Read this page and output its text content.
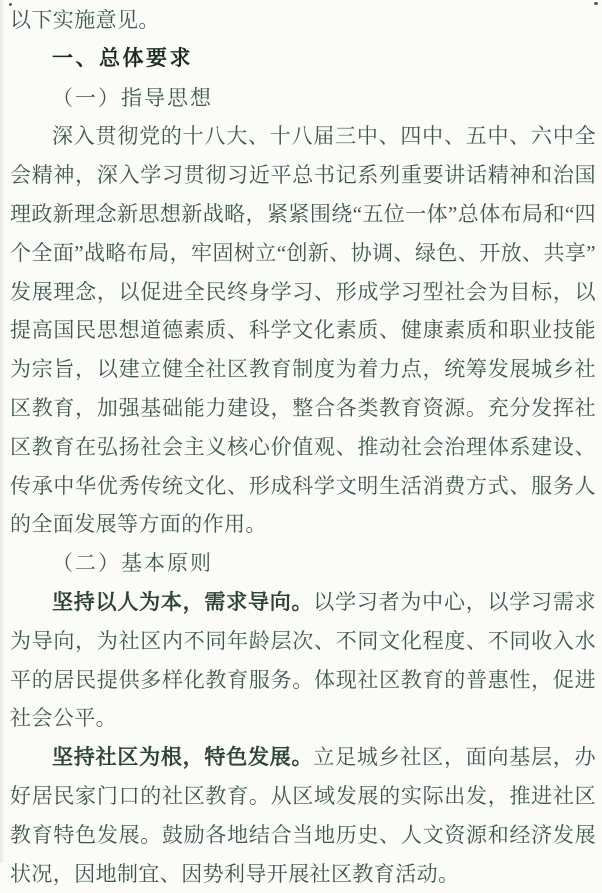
以下实施意见。

一、总体要求

（一）指导思想

深入贯彻党的十八大、十八届三中、四中、五中、六中全会精神，深入学习贯彻习近平总书记系列重要讲话精神和治国理政新理念新思想新战略，紧紧围绕“五位一体”总体布局和“四个全面”战略布局，牢固树立“创新、协调、绿色、开放、共享”发展理念，以促进全民终身学习、形成学习型社会为目标，以提高国民思想道德素质、科学文化素质、健康素质和职业技能为宗旨，以建立健全社区教育制度为着力点，统筹发展城乡社区教育，加强基础能力建设，整合各类教育资源。充分发挥社区教育在弘扬社会主义核心价值观、推动社会治理体系建设、传承中华优秀传统文化、形成科学文明生活消费方式、服务人的全面发展等方面的作用。

（二）基本原则

坚持以人为本，需求导向。以学习者为中心，以学习需求为导向，为社区内不同年龄层次、不同文化程度、不同收入水平的居民提供多样化教育服务。体现社区教育的普惠性，促进社会公平。

坚持社区为根，特色发展。立足城乡社区，面向基层，办好居民家门口的社区教育。从区域发展的实际出发，推进社区教育特色发展。鼓励各地结合当地历史、人文资源和经济发展状况，因地制宜、因势利导开展社区教育活动。
